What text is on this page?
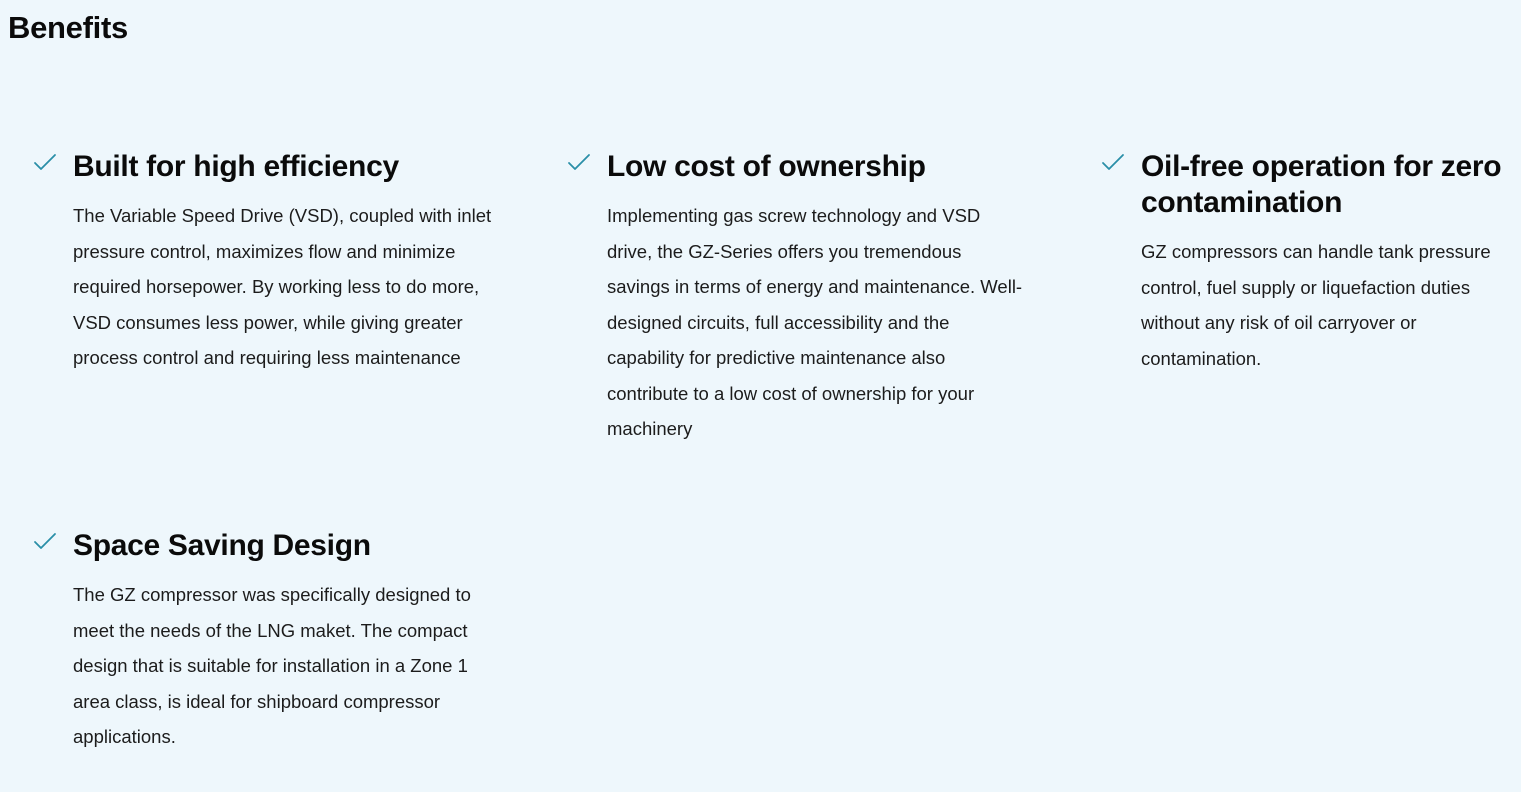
Benefits
Built for high efficiency

The Variable Speed Drive (VSD), coupled with inlet pressure control, maximizes flow and minimize required horsepower. By working less to do more, VSD consumes less power, while giving greater process control and requiring less maintenance

Low cost of ownership

Implementing gas screw technology and VSD drive, the GZ-Series offers you tremendous savings in terms of energy and maintenance. Well-designed circuits, full accessibility and the capability for predictive maintenance also contribute to a low cost of ownership for your machinery

Oil-free operation for zero contamination

GZ compressors can handle tank pressure control, fuel supply or liquefaction duties without any risk of oil carryover or contamination.

Space Saving Design

The GZ compressor was specifically designed to meet the needs of the LNG maket. The compact design that is suitable for installation in a Zone 1 area class, is ideal for shipboard compressor applications.
